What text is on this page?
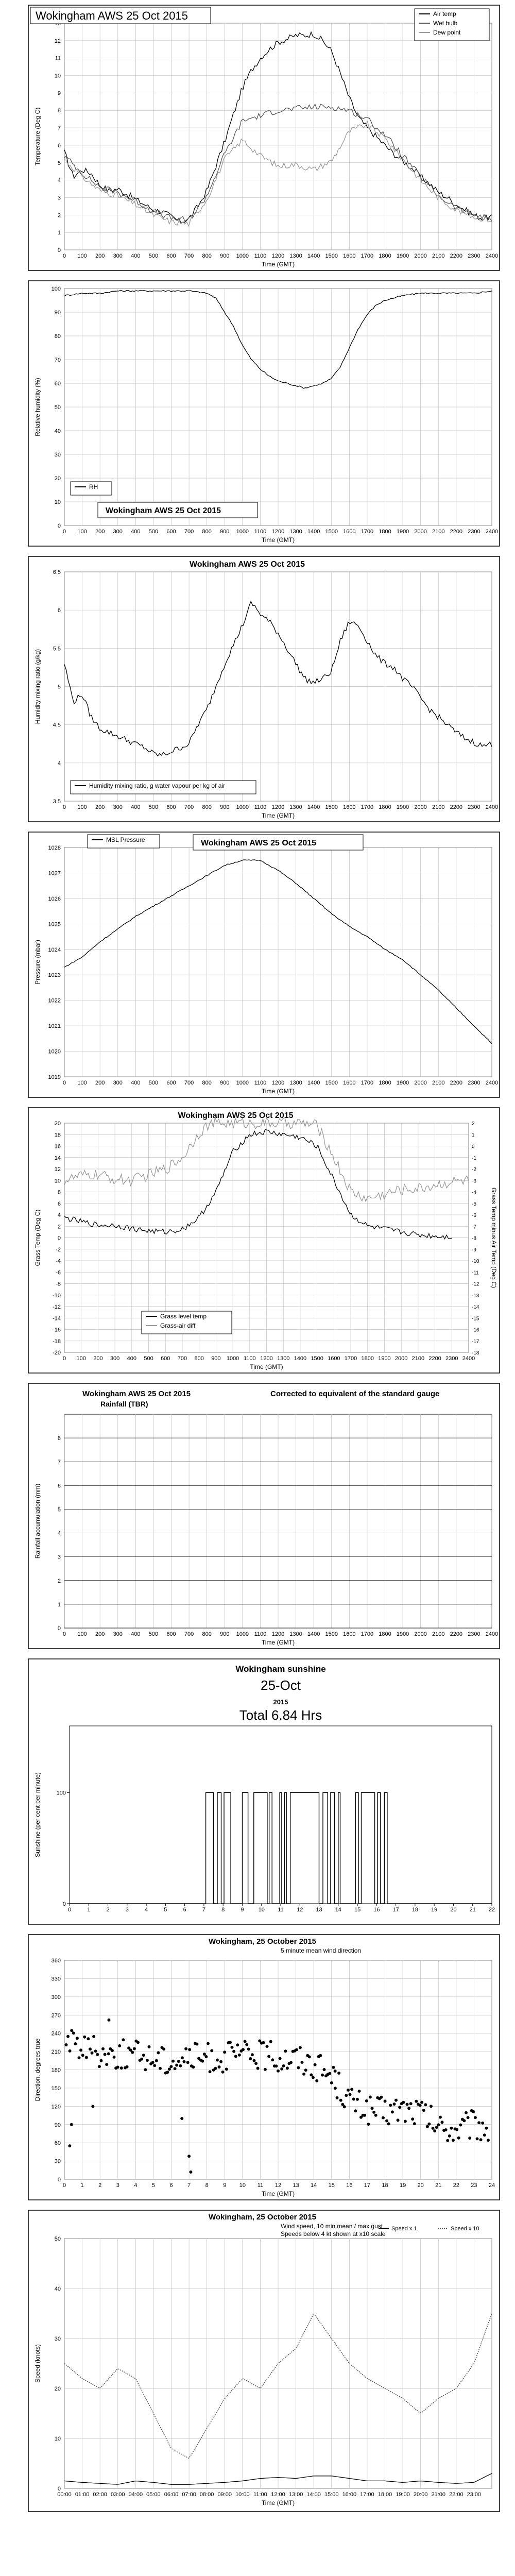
0 100 200 300 400 500 600 700 800 900 1000 1100 1200 1300 1400 1500 1600 1700 1800 1900 2000 2100 2200 2300 2400
0
1
2
3
4
5
6
7
8
9
10
11
12
Time (GMT)
Temperature (Deg C)
Wokingham AWS 25 Oct 2015	Air temp
Wet bulb
Dew point
0 100 200 300 400 500 600 700 800 900 1000 1100 1200 1300 1400 1500 1600 1700 1800 1900 2000 2100 2200 2300 2400
0
10
20
30
40
50
60
70
80
90
100
Time (GMT)
Relative humidity (%)
Wokingham AWS 25 Oct 2015
RH
0 100 200 300 400 500 600 700 800 900 1000 1100 1200 1300 1400 1500 1600 1700 1800 1900 2000 2100 2200 2300 2400
3.5
4
4.5
5
5.5
6
6.5
Time (GMT)
Humidity mixing ratio (g/kg)
Wokingham AWS 25 Oct 2015
Humidity mixing ratio, g water vapour per kg of air
0 100 200 300 400 500 600 700 800 900 1000 1100 1200 1300 1400 1500 1600 1700 1800 1900 2000 2100 2200 2300 2400
1019
1020
1021
1022
1023
1024
1025
1026
1027
1028
Time (GMT)
Pressure (mbar)
Wokingham AWS 25 Oct 2015
MSL Pressure
0 100 200 300 400 500 600 700 800 900 1000 1100 1200 1300 1400 1500 1600 1700 1800 1900 2000 2100 2200 2300 2400
-20
-18
-16
-14
-12
-10
-8
-6
-4
-2
0
2
4
6
8
10
12
14
16
18
20
Time (GMT)
Grass Temp (Deg C)
-18
-17
-16
-15
-14
-13
-12
-11
-10
-9
-8
-7
-6
-5
-4
-3
-2
-1
0
1
2
Grass Temp minus Air Temp (Deg C)
Wokingham AWS 25 Oct 2015
Grass level temp
Grass-air diff
0 100 200 300 400 500 600 700 800 900 1000 1100 1200 1300 1400 1500 1600 1700 1800 1900 2000 2100 2200 2300 2400
0
1
2
3
4
5
6
7
8
Time (GMT)
Rainfall accumulation (mm)
Wokingham AWS 25 Oct 2015
Rainfall (TBR)
Corrected to equivalent of the standard gauge
0	1	2	3	4	5	6	7	8	9	10 11 12 13 14 15 16 17 18 19 20 21 22
0
100
Sunshine (per cent per minute)
Wokingham sunshine
25-Oct
2015
Total 6.84 Hrs
0	1	2	3	4	5	6	7	8	9 10 11 12 13 14 15 16 17 18 19 20 21 22 23 24
0
30
60
90
120
150
180
210
240
270
300
330
360
Time (GMT)
Direction, degrees true
Wokingham, 25 October 2015
5 minute mean wind direction
00:00 01:00 02:00 03:00 04:00 05:00 06:00 07:00 08:00 09:00 10:00 11:00 12:00 13:00 14:00 15:00 16:00 17:00 18:00 19:00 20:00 21:00 22:00 23:00
0
10
20
30
40
50
Time (GMT)
Speed (knots)
Wokingham, 25 October 2015
Wind speed, 10 min mean / max gust
Speeds below 4 kt shown at x10 scale
Speed x 1	Speed x 10
